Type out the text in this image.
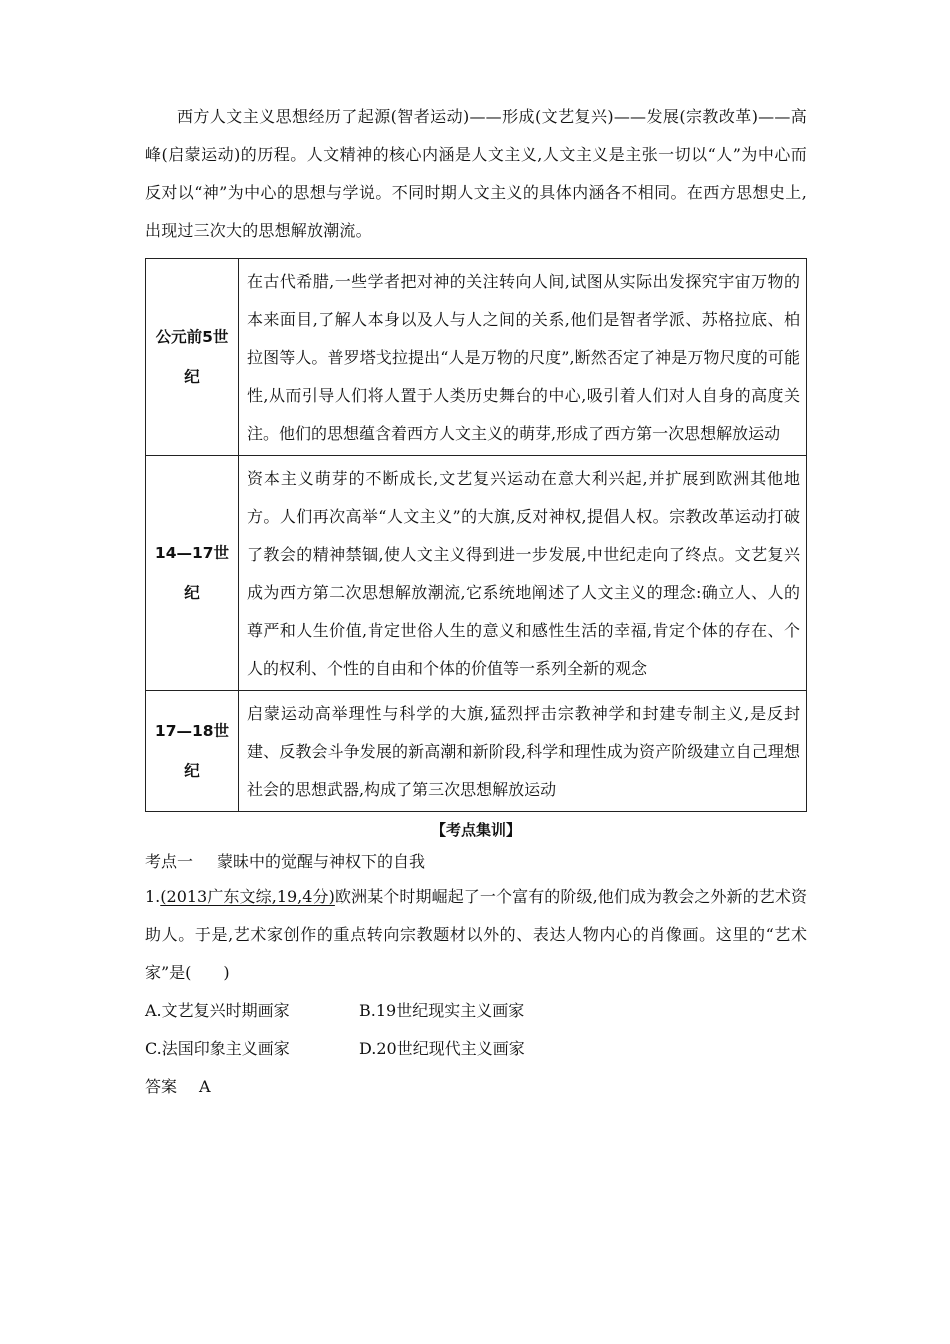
西方人文主义思想经历了起源(智者运动)——形成(文艺复兴)——发展(宗教改革)——高峰(启蒙运动)的历程。人文精神的核心内涵是人文主义,人文主义是主张一切以“人”为中心而反对以“神”为中心的思想与学说。不同时期人文主义的具体内涵各不相同。在西方思想史上,出现过三次大的思想解放潮流。

公元前5世纪	在古代希腊,一些学者把对神的关注转向人间,试图从实际出发探究宇宙万物的本来面目,了解人本身以及人与人之间的关系,他们是智者学派、苏格拉底、柏拉图等人。普罗塔戈拉提出“人是万物的尺度”,断然否定了神是万物尺度的可能性,从而引导人们将人置于人类历史舞台的中心,吸引着人们对人自身的高度关注。他们的思想蕴含着西方人文主义的萌芽,形成了西方第一次思想解放运动
14—17世纪	资本主义萌芽的不断成长,文艺复兴运动在意大利兴起,并扩展到欧洲其他地方。人们再次高举“人文主义”的大旗,反对神权,提倡人权。宗教改革运动打破了教会的精神禁锢,使人文主义得到进一步发展,中世纪走向了终点。文艺复兴成为西方第二次思想解放潮流,它系统地阐述了人文主义的理念:确立人、人的尊严和人生价值,肯定世俗人生的意义和感性生活的幸福,肯定个体的存在、个人的权利、个性的自由和个体的价值等一系列全新的观念
17—18世纪	启蒙运动高举理性与科学的大旗,猛烈抨击宗教神学和封建专制主义,是反封建、反教会斗争发展的新高潮和新阶段,科学和理性成为资产阶级建立自己理想社会的思想武器,构成了第三次思想解放运动
【考点集训】
考点一 蒙昧中的觉醒与神权下的自我

1.(2013广东文综,19,4分)欧洲某个时期崛起了一个富有的阶级,他们成为教会之外新的艺术资助人。于是,艺术家创作的重点转向宗教题材以外的、表达人物内心的肖像画。这里的“艺术家”是(　　)

A.文艺复兴时期画家	B.19世纪现实主义画家
C.法国印象主义画家	D.20世纪现代主义画家
答案 A
